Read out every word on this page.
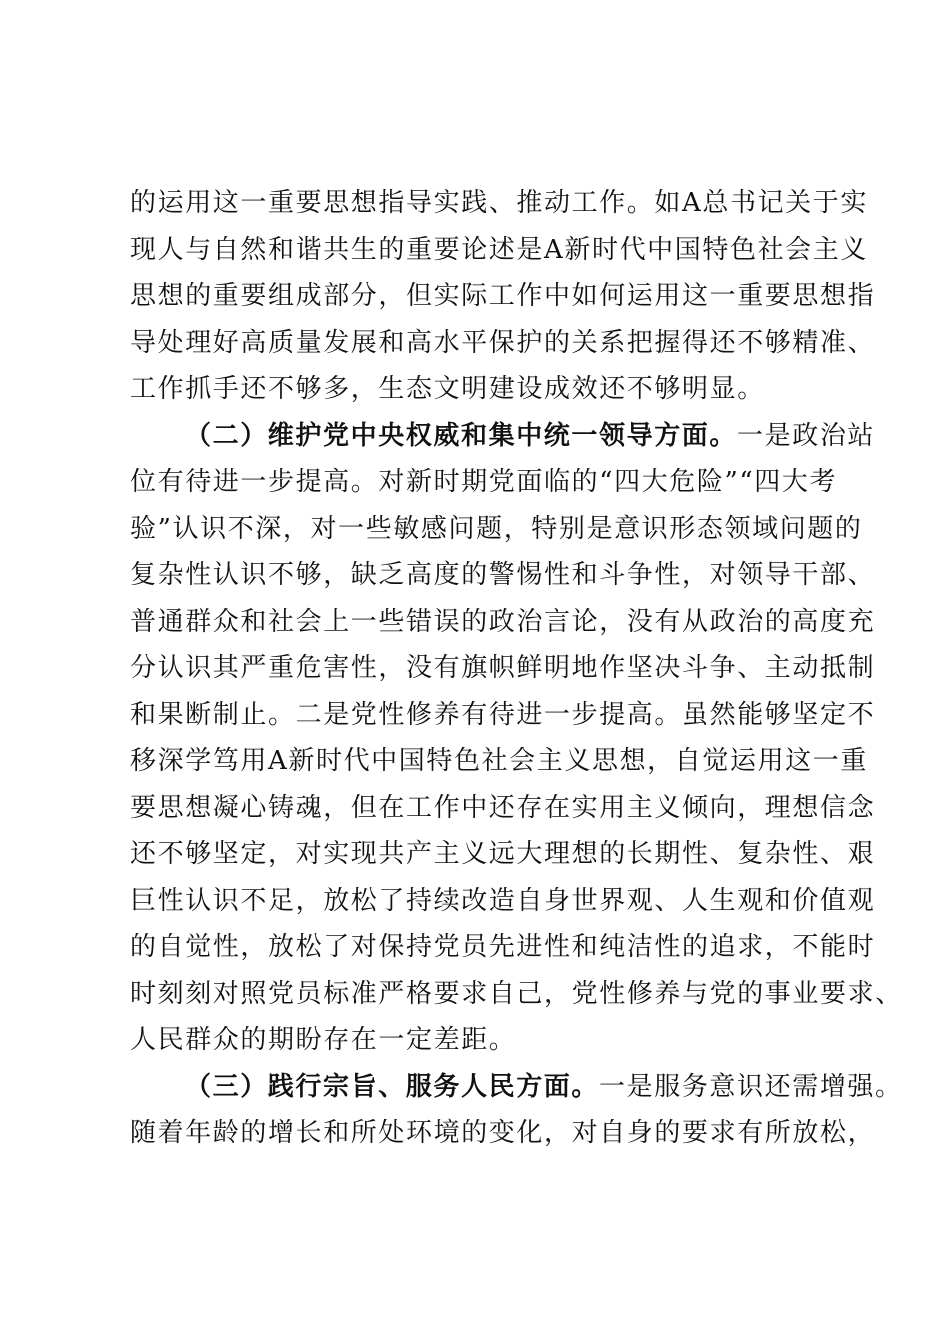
的运用这一重要思想指导实践、推动工作。如A总书记关于实
现人与自然和谐共生的重要论述是A新时代中国特色社会主义
思想的重要组成部分，但实际工作中如何运用这一重要思想指
导处理好高质量发展和高水平保护的关系把握得还不够精准、
工作抓手还不够多，生态文明建设成效还不够明显。
（二）维护党中央权威和集中统一领导方面。一是政治站
位有待进一步提高。对新时期党面临的“四大危险”“四大考
验”认识不深，对一些敏感问题，特别是意识形态领域问题的
复杂性认识不够，缺乏高度的警惕性和斗争性，对领导干部、
普通群众和社会上一些错误的政治言论，没有从政治的高度充
分认识其严重危害性，没有旗帜鲜明地作坚决斗争、主动抵制
和果断制止。二是党性修养有待进一步提高。虽然能够坚定不
移深学笃用A新时代中国特色社会主义思想，自觉运用这一重
要思想凝心铸魂，但在工作中还存在实用主义倾向，理想信念
还不够坚定，对实现共产主义远大理想的长期性、复杂性、艰
巨性认识不足，放松了持续改造自身世界观、人生观和价值观
的自觉性，放松了对保持党员先进性和纯洁性的追求，不能时
时刻刻对照党员标准严格要求自己，党性修养与党的事业要求、
人民群众的期盼存在一定差距。
（三）践行宗旨、服务人民方面。一是服务意识还需增强。
随着年龄的增长和所处环境的变化，对自身的要求有所放松，
